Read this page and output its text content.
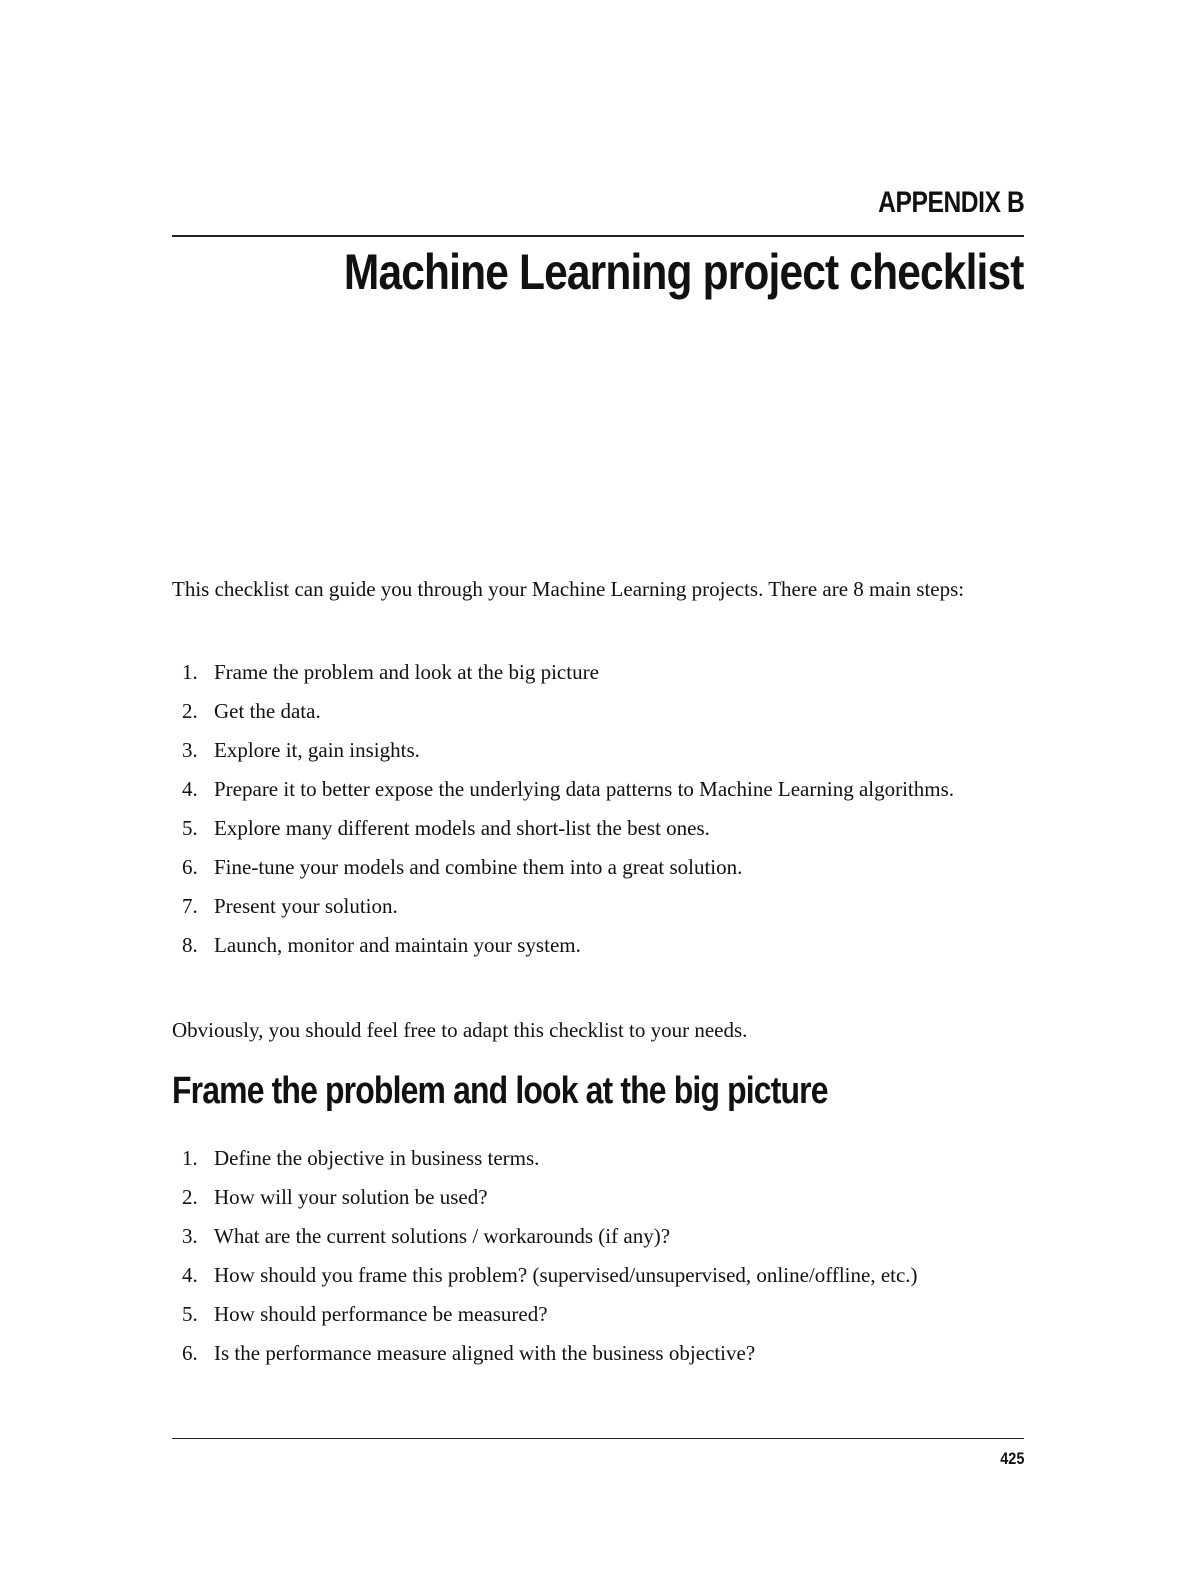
APPENDIX B
Machine Learning project checklist

This checklist can guide you through your Machine Learning projects. There are 8 main steps:

1. Frame the problem and look at the big picture
2. Get the data.
3. Explore it, gain insights.
4. Prepare it to better expose the underlying data patterns to Machine Learning algorithms.
5. Explore many different models and short-list the best ones.
6. Fine-tune your models and combine them into a great solution.
7. Present your solution.
8. Launch, monitor and maintain your system.

Obviously, you should feel free to adapt this checklist to your needs.

Frame the problem and look at the big picture
1. Define the objective in business terms.
2. How will your solution be used?
3. What are the current solutions / workarounds (if any)?
4. How should you frame this problem? (supervised/unsupervised, online/offline, etc.)
5. How should performance be measured?
6. Is the performance measure aligned with the business objective?
425
